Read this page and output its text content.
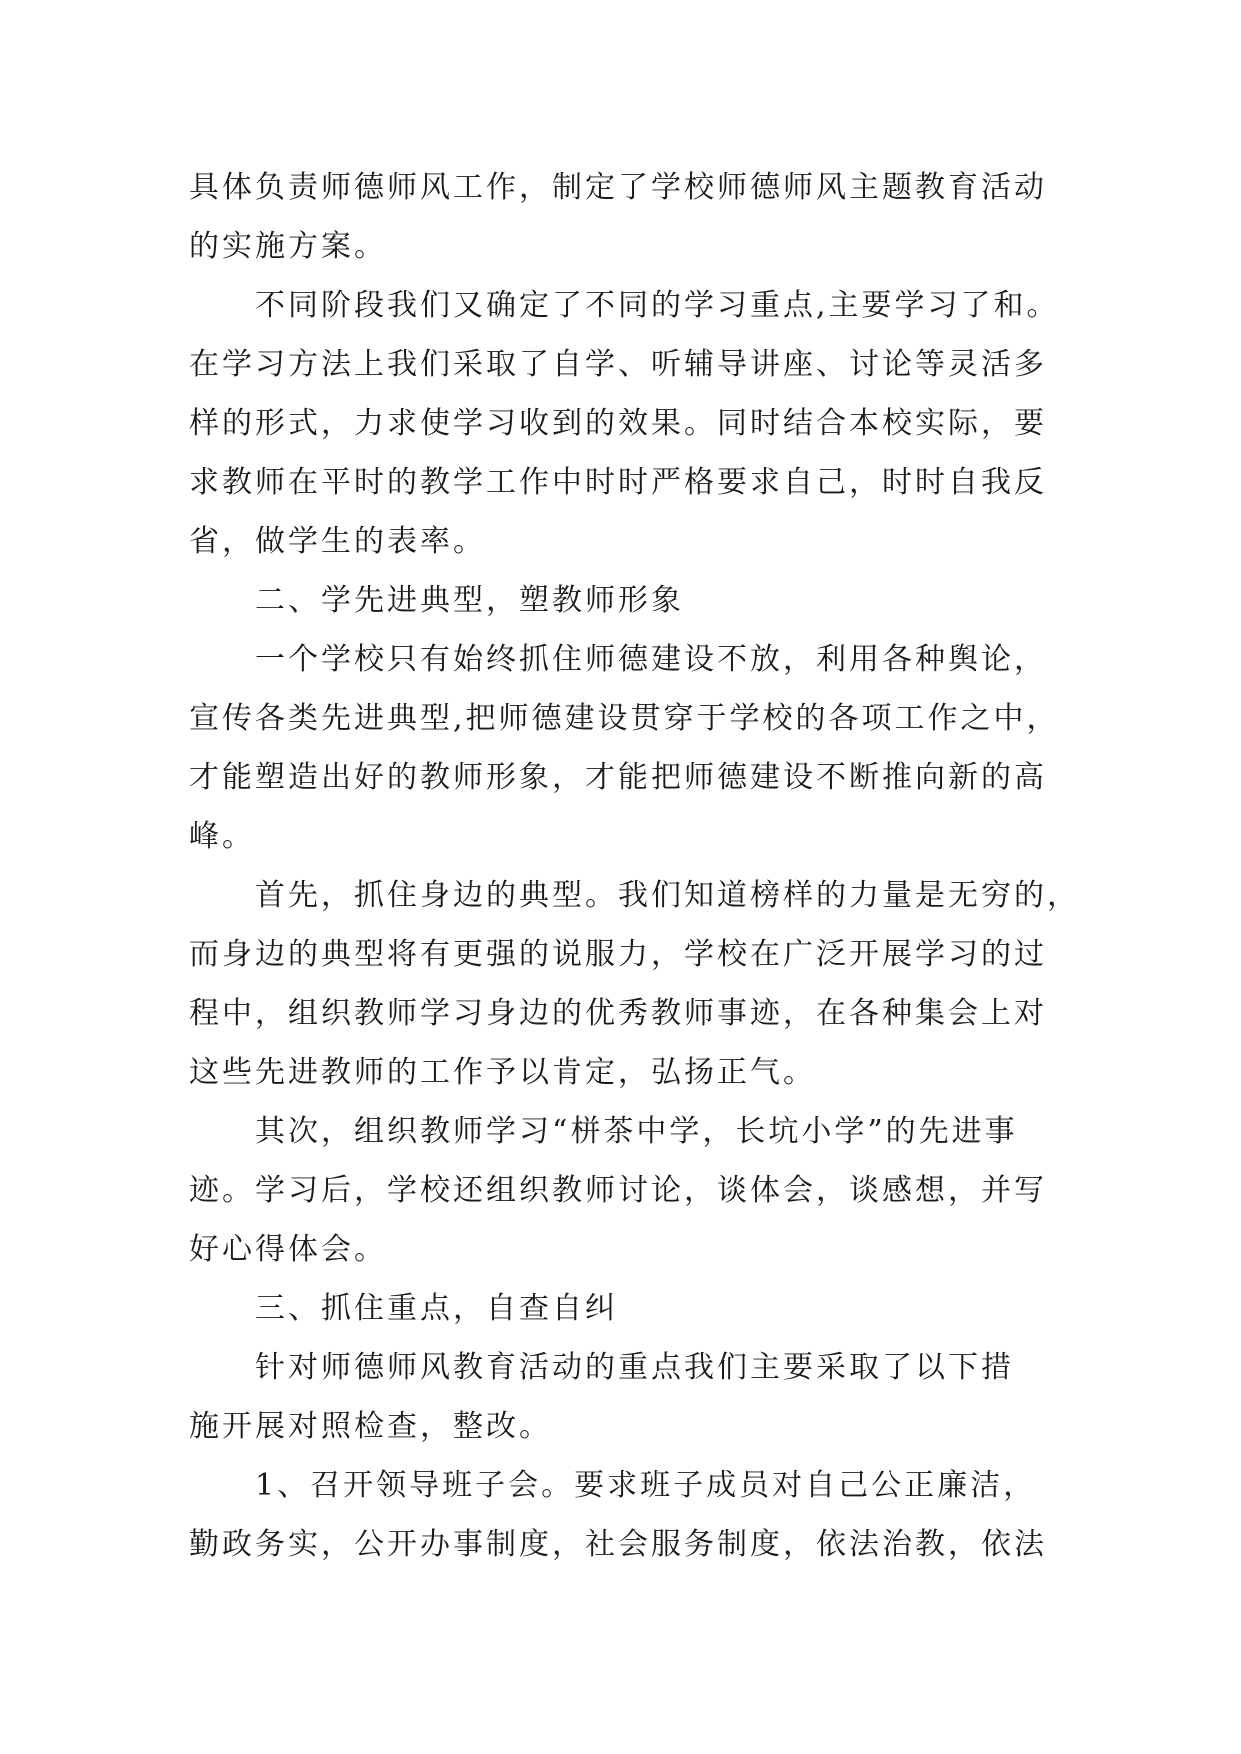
具体负责师德师风工作，制定了学校师德师风主题教育活动
的实施方案。
不同阶段我们又确定了不同的学习重点,主要学习了和。
在学习方法上我们采取了自学、听辅导讲座、讨论等灵活多
样的形式，力求使学习收到的效果。同时结合本校实际，要
求教师在平时的教学工作中时时严格要求自己，时时自我反
省，做学生的表率。
二、学先进典型，塑教师形象
一个学校只有始终抓住师德建设不放，利用各种舆论，
宣传各类先进典型,把师德建设贯穿于学校的各项工作之中，
才能塑造出好的教师形象，才能把师德建设不断推向新的高
峰。
首先，抓住身边的典型。我们知道榜样的力量是无穷的，
而身边的典型将有更强的说服力，学校在广泛开展学习的过
程中，组织教师学习身边的优秀教师事迹，在各种集会上对
这些先进教师的工作予以肯定，弘扬正气。
其次，组织教师学习“栟茶中学，长坑小学”的先进事
迹。学习后，学校还组织教师讨论，谈体会，谈感想，并写
好心得体会。
三、抓住重点，自查自纠
针对师德师风教育活动的重点我们主要采取了以下措
施开展对照检查，整改。
1、召开领导班子会。要求班子成员对自己公正廉洁，
勤政务实，公开办事制度，社会服务制度，依法治教，依法
